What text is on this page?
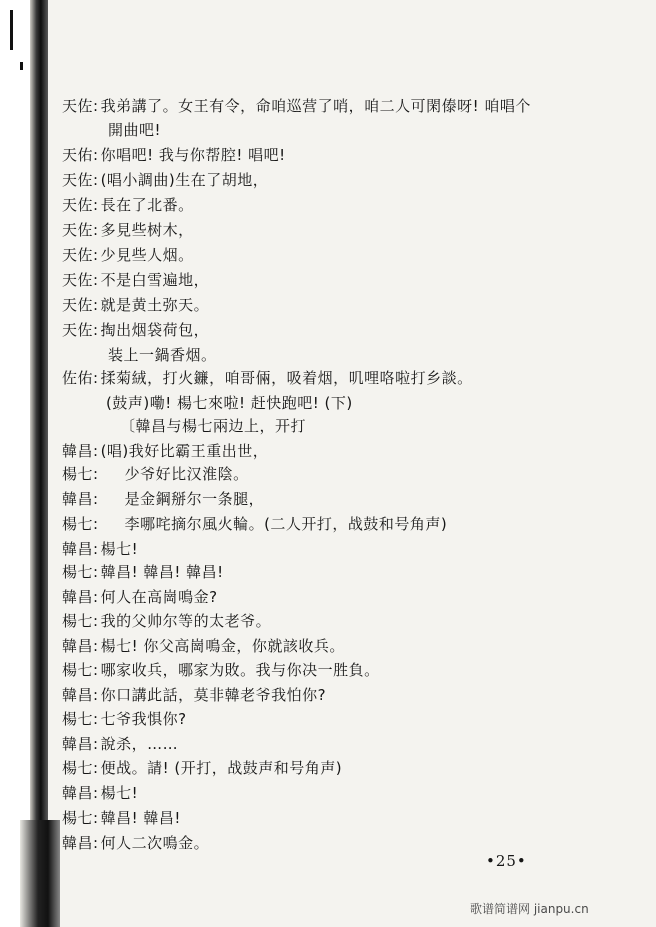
天佐: 我弟講了。女王有令，命咱巡营了哨，咱二人可閑傣呀! 咱唱个
開曲吧!
天佑: 你唱吧! 我与你帮腔! 唱吧!
天佐: (唱小調曲)生在了胡地，
天佐: 長在了北番。
天佐: 多見些树木，
天佐: 少見些人烟。
天佐: 不是白雪遍地，
天佐: 就是黄土弥天。
天佐: 掏出烟袋荷包，
装上一鍋香烟。
佐佑: 揉菊絨，打火鐮，咱哥倆，吸着烟，叽哩咯啦打乡談。
(鼓声)嘞! 楊七來啦! 赶快跑吧! (下)
〔韓昌与楊七兩边上，开打
韓昌: (唱)我好比霸王重出世，
楊七: 少爷好比汉淮陰。
韓昌: 是金鋼掰尔一条腿，
楊七: 李哪咤摘尔風火輪。(二人开打，战鼓和号角声)
韓昌: 楊七!
楊七: 韓昌! 韓昌! 韓昌!
韓昌: 何人在高崗鳴金?
楊七: 我的父帅尔等的太老爷。
韓昌: 楊七! 你父高崗鳴金，你就該收兵。
楊七: 哪家收兵，哪家为敗。我与你决一胜負。
韓昌: 你口講此話，莫非韓老爷我怕你?
楊七: 七爷我惧你?
韓昌: 說杀，……
楊七: 便战。請! (开打，战鼓声和号角声)
韓昌: 楊七!
楊七: 韓昌! 韓昌!
韓昌: 何人二次鳴金。
•25•
歌谱简谱网 jianpu.cn
